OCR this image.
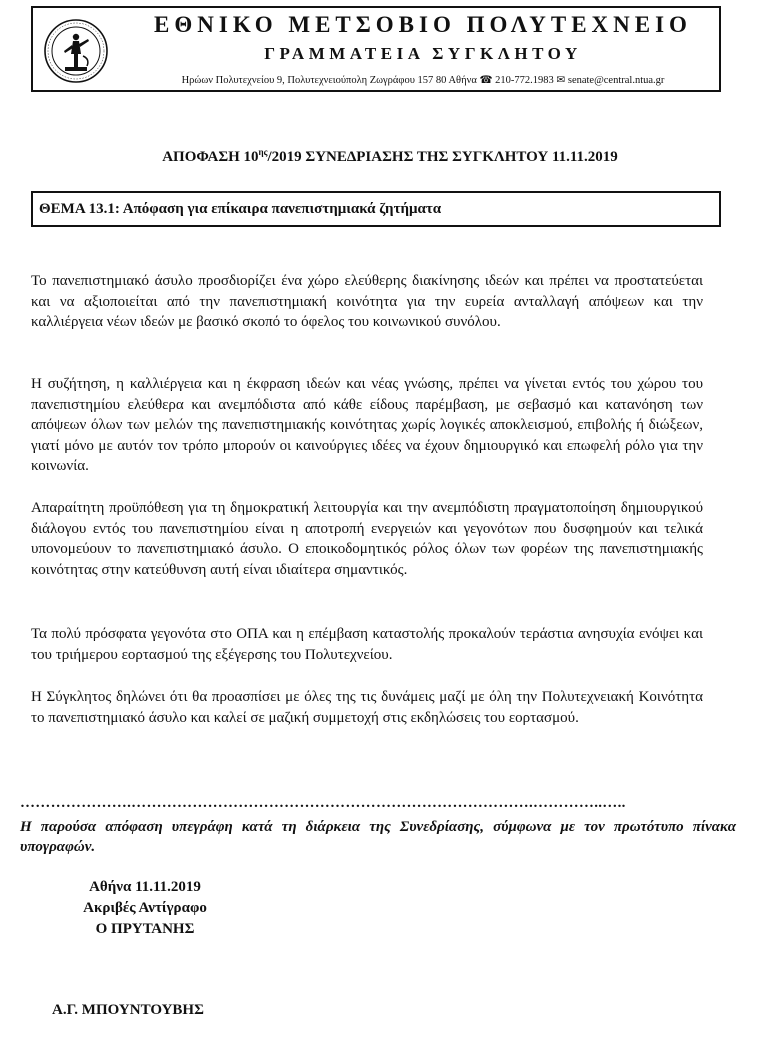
ΕΘΝΙΚΟ ΜΕΤΣΟΒΙΟ ΠΟΛΥΤΕΧΝΕΙΟ
ΓΡΑΜΜΑΤΕΙΑ ΣΥΓΚΛΗΤΟΥ
Ηρώων Πολυτεχνείου 9, Πολυτεχνειούπολη Ζωγράφου 157 80 Αθήνα ☎ 210-772.1983 ✉ senate@central.ntua.gr
ΑΠΟΦΑΣΗ $10^{\eta\varsigma}/2019$ ΣΥΝΕΔΡΙΑΣΗΣ ΤΗΣ ΣΥΓΚΛΗΤΟΥ 11.11.2019
ΘΕΜΑ 13.1: Απόφαση για επίκαιρα πανεπιστημιακά ζητήματα

Το πανεπιστημιακό άσυλο προσδιορίζει ένα χώρο ελεύθερης διακίνησης ιδεών και πρέπει να προστατεύεται και να αξιοποιείται από την πανεπιστημιακή κοινότητα για την ευρεία ανταλλαγή απόψεων και την καλλιέργεια νέων ιδεών με βασικό σκοπό το όφελος του κοινωνικού συνόλου.

Η συζήτηση, η καλλιέργεια και η έκφραση ιδεών και νέας γνώσης, πρέπει να γίνεται εντός του χώρου του πανεπιστημίου ελεύθερα και ανεμπόδιστα από κάθε είδους παρέμβαση, με σεβασμό και κατανόηση των απόψεων όλων των μελών της πανεπιστημιακής κοινότητας χωρίς λογικές αποκλεισμού, επιβολής ή διώξεων, γιατί μόνο με αυτόν τον τρόπο μπορούν οι καινούργιες ιδέες να έχουν δημιουργικό και επωφελή ρόλο για την κοινωνία.

Απαραίτητη προϋπόθεση για τη δημοκρατική λειτουργία και την ανεμπόδιστη πραγματοποίηση δημιουργικού διάλογου εντός του πανεπιστημίου είναι η αποτροπή ενεργειών και γεγονότων που δυσφημούν και τελικά υπονομεύουν το πανεπιστημιακό άσυλο. Ο εποικοδομητικός ρόλος όλων των φορέων της πανεπιστημιακής κοινότητας στην κατεύθυνση αυτή είναι ιδιαίτερα σημαντικός.

Τα πολύ πρόσφατα γεγονότα στο ΟΠΑ και η επέμβαση καταστολής προκαλούν τεράστια ανησυχία ενόψει και του τριήμερου εορτασμού της εξέγερσης του Πολυτεχνείου.

Η Σύγκλητος δηλώνει ότι θα προασπίσει με όλες της τις δυνάμεις μαζί με όλη την Πολυτεχνειακή Κοινότητα το πανεπιστημιακό άσυλο και καλεί σε μαζική συμμετοχή στις εκδηλώσεις του εορτασμού.

………………….…………………………………………………………………….…………..…..
Η παρούσα απόφαση υπεγράφη κατά τη διάρκεια της Συνεδρίασης, σύμφωνα με τον πρωτότυπο πίνακα υπογραφών.
Αθήνα 11.11.2019
Ακριβές Αντίγραφο
Ο ΠΡΥΤΑΝΗΣ
Α.Γ. ΜΠΟΥΝΤΟΥΒΗΣ
